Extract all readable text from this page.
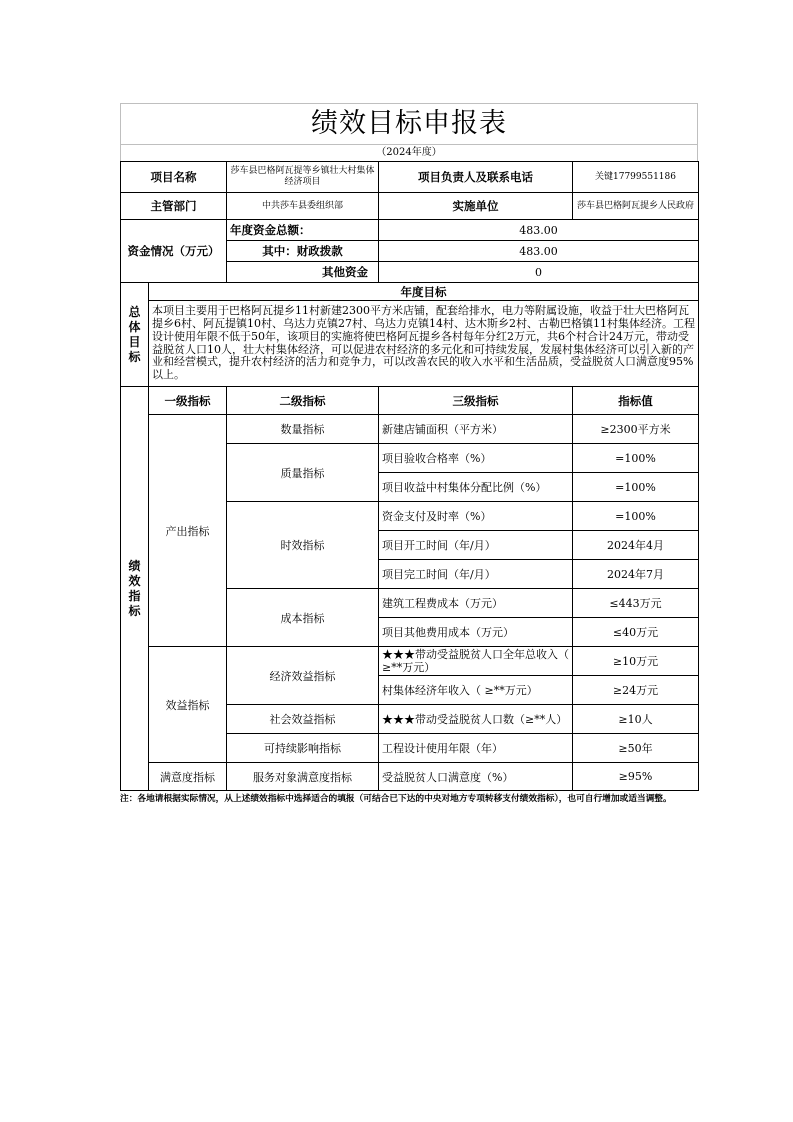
绩效目标申报表
（2024年度）
项目名称		莎车县巴格阿瓦提等乡镇壮大村集体经济项目	项目负责人及联系电话	关键17799551186
主管部门		中共莎车县委组织部	实施单位	莎车县巴格阿瓦提乡人民政府
资金情况（万元）		年度资金总额：	483.00	
		其中：财政拨款	483.00	
		其他资金	0	

总体目标	年度目标			
	本项目主要用于巴格阿瓦提乡11村新建2300平方米店铺，配套给排水，电力等附属设施，收益于壮大巴格阿瓦提乡6村、阿瓦提镇10村、乌达力克镇27村、乌达力克镇14村、达木斯乡2村、古勒巴格镇11村集体经济。工程设计使用年限不低于50年，该项目的实施将使巴格阿瓦提乡各村每年分红2万元，共6个村合计24万元，带动受益脱贫人口10人，壮大村集体经济，可以促进农村经济的多元化和可持续发展，发展村集体经济可以引入新的产业和经营模式，提升农村经济的活力和竞争力，可以改善农民的收入水平和生活品质，受益脱贫人口满意度95%以上。			

绩效指标	一级指标	二级指标	三级指标	指标值
	产出指标	数量指标	新建店铺面积（平方米）	≥2300平方米
		质量指标	项目验收合格率（%）	=100%
			项目收益中村集体分配比例（%）	=100%
		时效指标	资金支付及时率（%）	=100%
			项目开工时间（年/月）	2024年4月
			项目完工时间（年/月）	2024年7月
		成本指标	建筑工程费成本（万元）	≤443万元
			项目其他费用成本（万元）	≤40万元
	效益指标	经济效益指标	★★★带动受益脱贫人口全年总收入（ ≥**万元）	≥10万元
			村集体经济年收入（ ≥**万元）	≥24万元
		社会效益指标	★★★带动受益脱贫人口数（≥**人）	≥10人
		可持续影响指标	工程设计使用年限（年）	≥50年
	满意度指标	服务对象满意度指标	受益脱贫人口满意度（%）	≥95%
注：各地请根据实际情况，从上述绩效指标中选择适合的填报（可结合已下达的中央对地方专项转移支付绩效指标），也可自行增加或适当调整。
